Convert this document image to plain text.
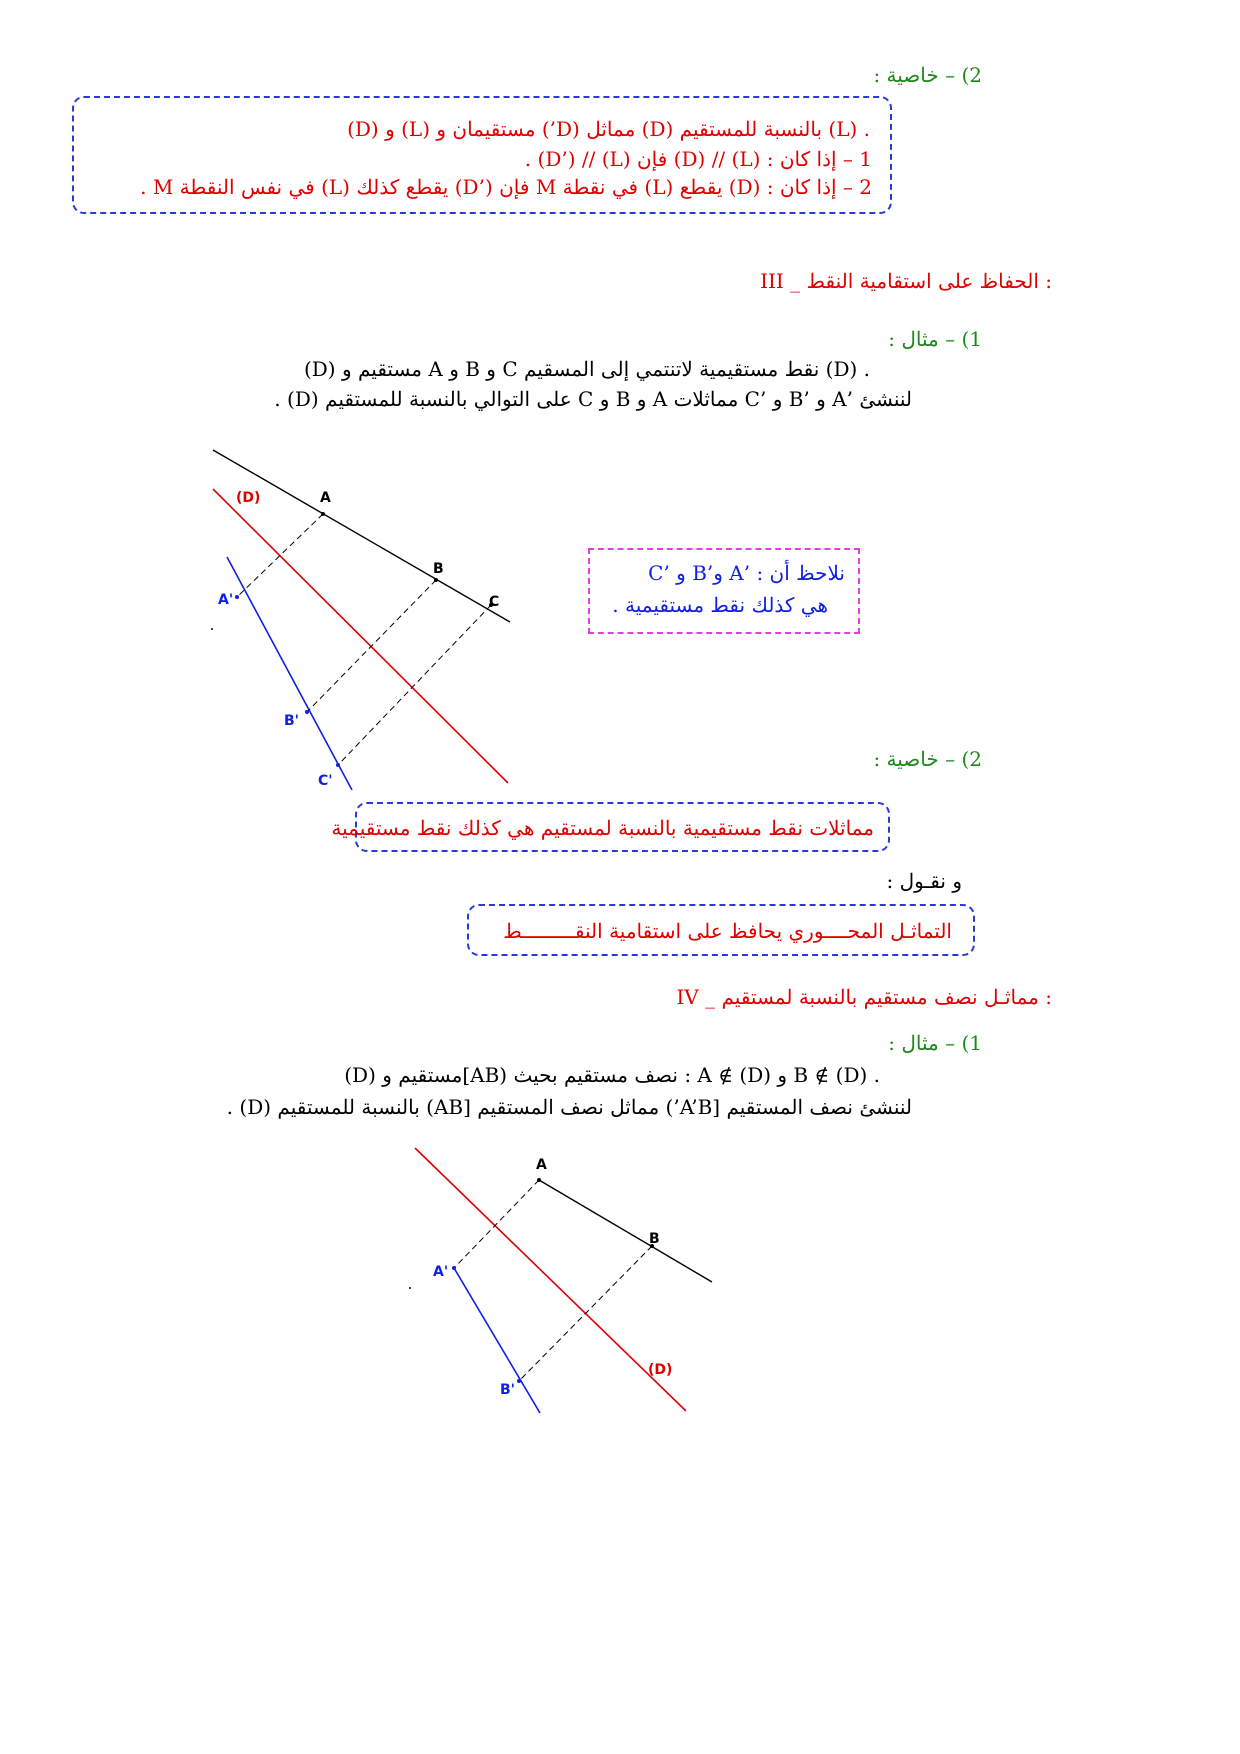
2) – خاصية :
(D) و (L) مستقيمان و (’D) مماثل (D) بالنسبة للمستقيم (L) .
1 – إذا كان : (L) // (D) فإن (L) // (’D) .
2 – إذا كان : (D) يقطع (L) في نقطة M فإن (’D) يقطع كذلك (L) في نفس النقطة M .
III _ الحفاظ على استقامية النقط :
1) – مثال :
(D) مستقيم و A و B و C نقط مستقيمية لاتنتمي إلى المسقيم (D) .
لننشئ ’A و ’B و ’C مماثلات A و B و C على التوالي بالنسبة للمستقيم (D) .
(D)	A
B
C
A'
B'
C'
نلاحظ أن : ’A و’B و ’C
هي كذلك نقط مستقيمية .
2) – خاصية :
مماثلات نقط مستقيمية بالنسبة لمستقيم هي كذلك نقط مستقيمية
و نقـول :
التماثـل المحــــوري يحافظ على استقامية النقـــــــــط
IV _ مماثـل نصف مستقيم بالنسبة لمستقيم :
1) – مثال :
(D) مستقيم و[AB) نصف مستقيم بحيث : A ∉ (D) و B ∉ (D) .
لننشئ نصف المستقيم [A’B’) مماثل نصف المستقيم [AB) بالنسبة للمستقيم (D) .
A
B
A'
B'
(D)
